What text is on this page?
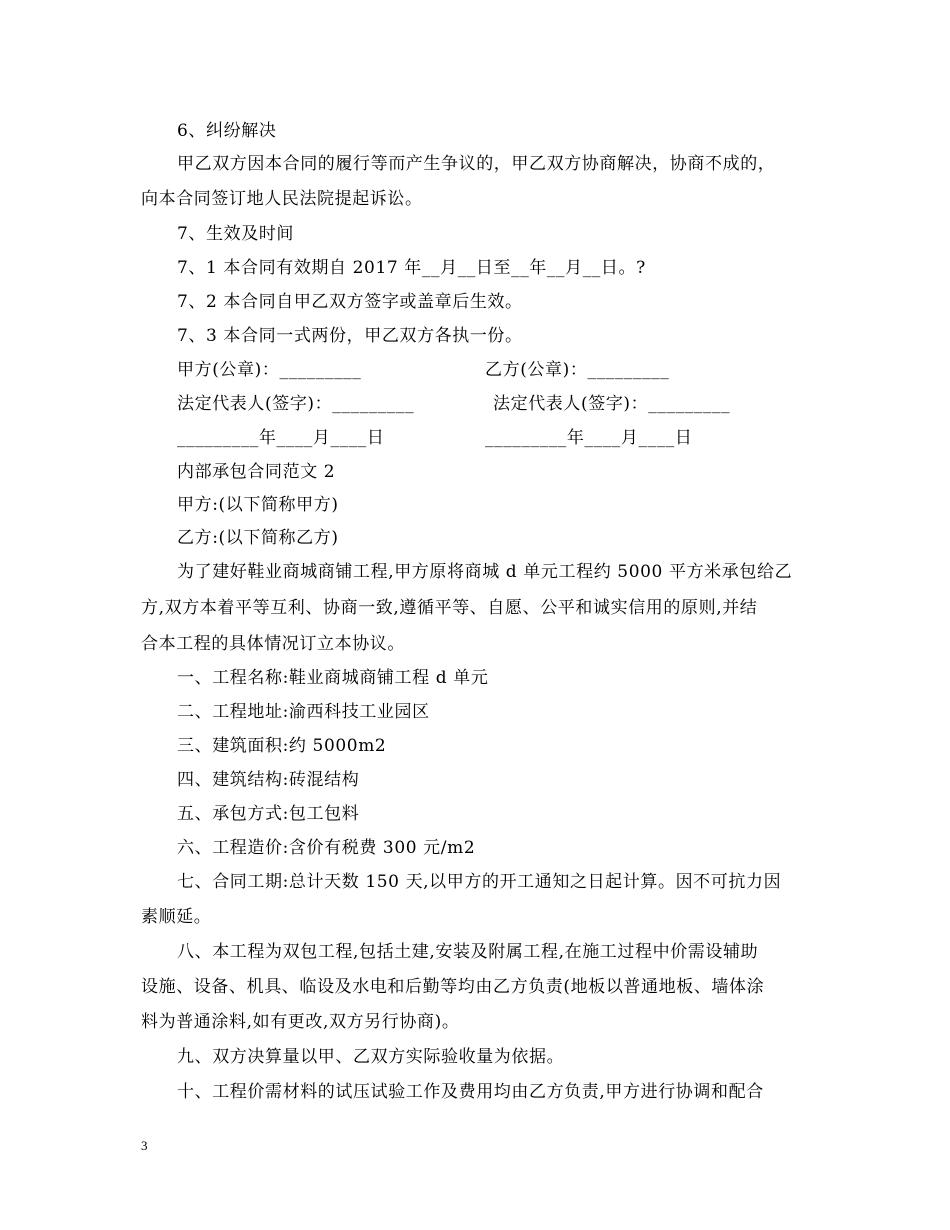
6、纠纷解决
甲乙双方因本合同的履行等而产生争议的，甲乙双方协商解决，协商不成的，
向本合同签订地人民法院提起诉讼。
7、生效及时间
7、1 本合同有效期自 2017 年__月__日至__年__月__日。?
7、2 本合同自甲乙双方签字或盖章后生效。
7、3 本合同一式两份，甲乙双方各执一份。
甲方(公章)：_________	乙方(公章)：_________
法定代表人(签字)：_________	法定代表人(签字)：_________
_________年____月____日	_________年____月____日
内部承包合同范文 2
甲方:(以下简称甲方)
乙方:(以下简称乙方)
为了建好鞋业商城商铺工程,甲方原将商城 d 单元工程约 5000 平方米承包给乙
方,双方本着平等互利、协商一致,遵循平等、自愿、公平和诚实信用的原则,并结
合本工程的具体情况订立本协议。
一、工程名称:鞋业商城商铺工程 d 单元
二、工程地址:渝西科技工业园区
三、建筑面积:约 5000m2
四、建筑结构:砖混结构
五、承包方式:包工包料
六、工程造价:含价有税费 300 元/m2
七、合同工期:总计天数 150 天,以甲方的开工通知之日起计算。因不可抗力因
素顺延。
八、本工程为双包工程,包括土建,安装及附属工程,在施工过程中价需设辅助
设施、设备、机具、临设及水电和后勤等均由乙方负责(地板以普通地板、墙体涂
料为普通涂料,如有更改,双方另行协商)。
九、双方决算量以甲、乙双方实际验收量为依据。
十、工程价需材料的试压试验工作及费用均由乙方负责,甲方进行协调和配合
3
